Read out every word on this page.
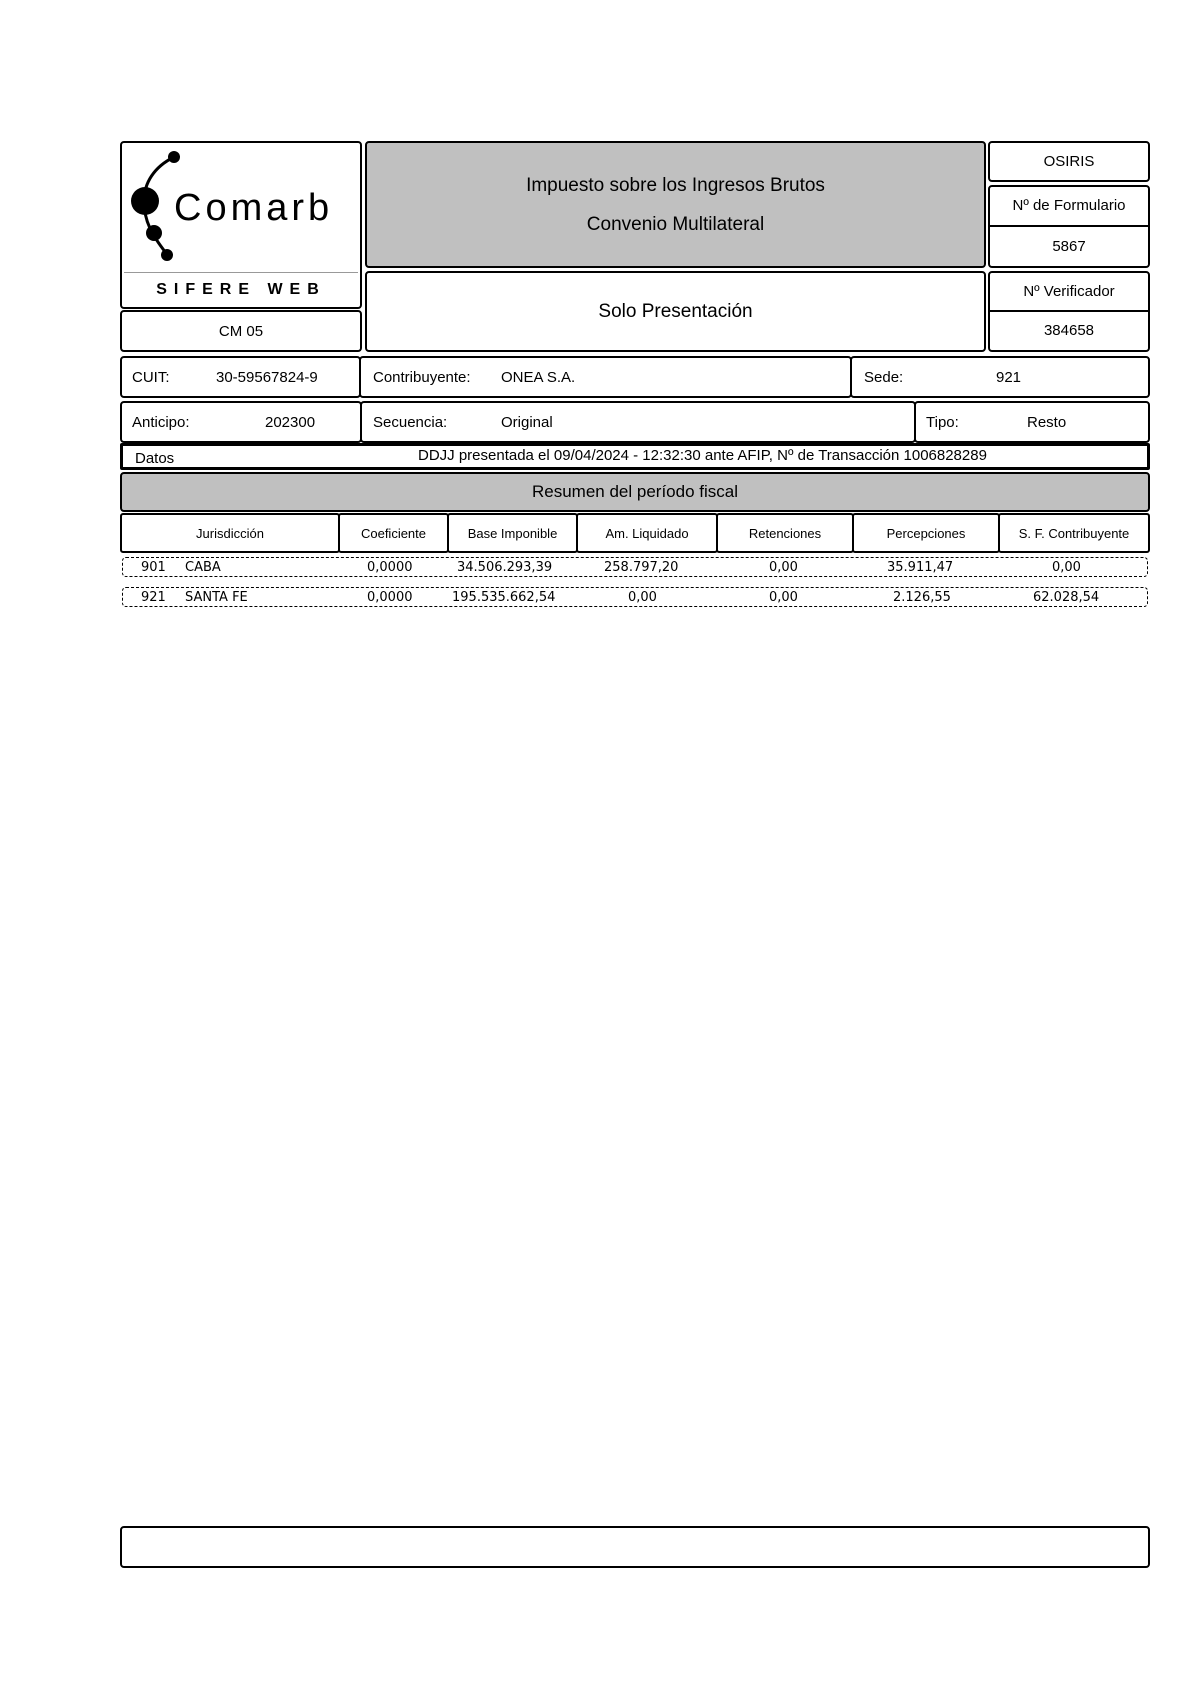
Comarb
SIFERE WEB
CM 05
Impuesto sobre los Ingresos Brutos
Convenio Multilateral
Solo Presentación
OSIRIS
Nº de Formulario
5867
Nº Verificador
384658
CUIT:	30-59567824-9	Contribuyente: ONEA S.A.	Sede:	921
Anticipo:	202300	Secuencia:	Original	Tipo:	Resto
Datos	DDJJ presentada el 09/04/2024 - 12:32:30 ante AFIP, Nº de Transacción 1006828289
Resumen del período fiscal
Jurisdicción	Coeficiente	Base Imponible	Am. Liquidado	Retenciones	Percepciones	S. F. Contribuyente
901 CABA	0,0000	34.506.293,39	258.797,20	0,00	35.911,47	0,00
921 SANTA FE	0,0000	195.535.662,54	0,00	0,00	2.126,55	62.028,54
